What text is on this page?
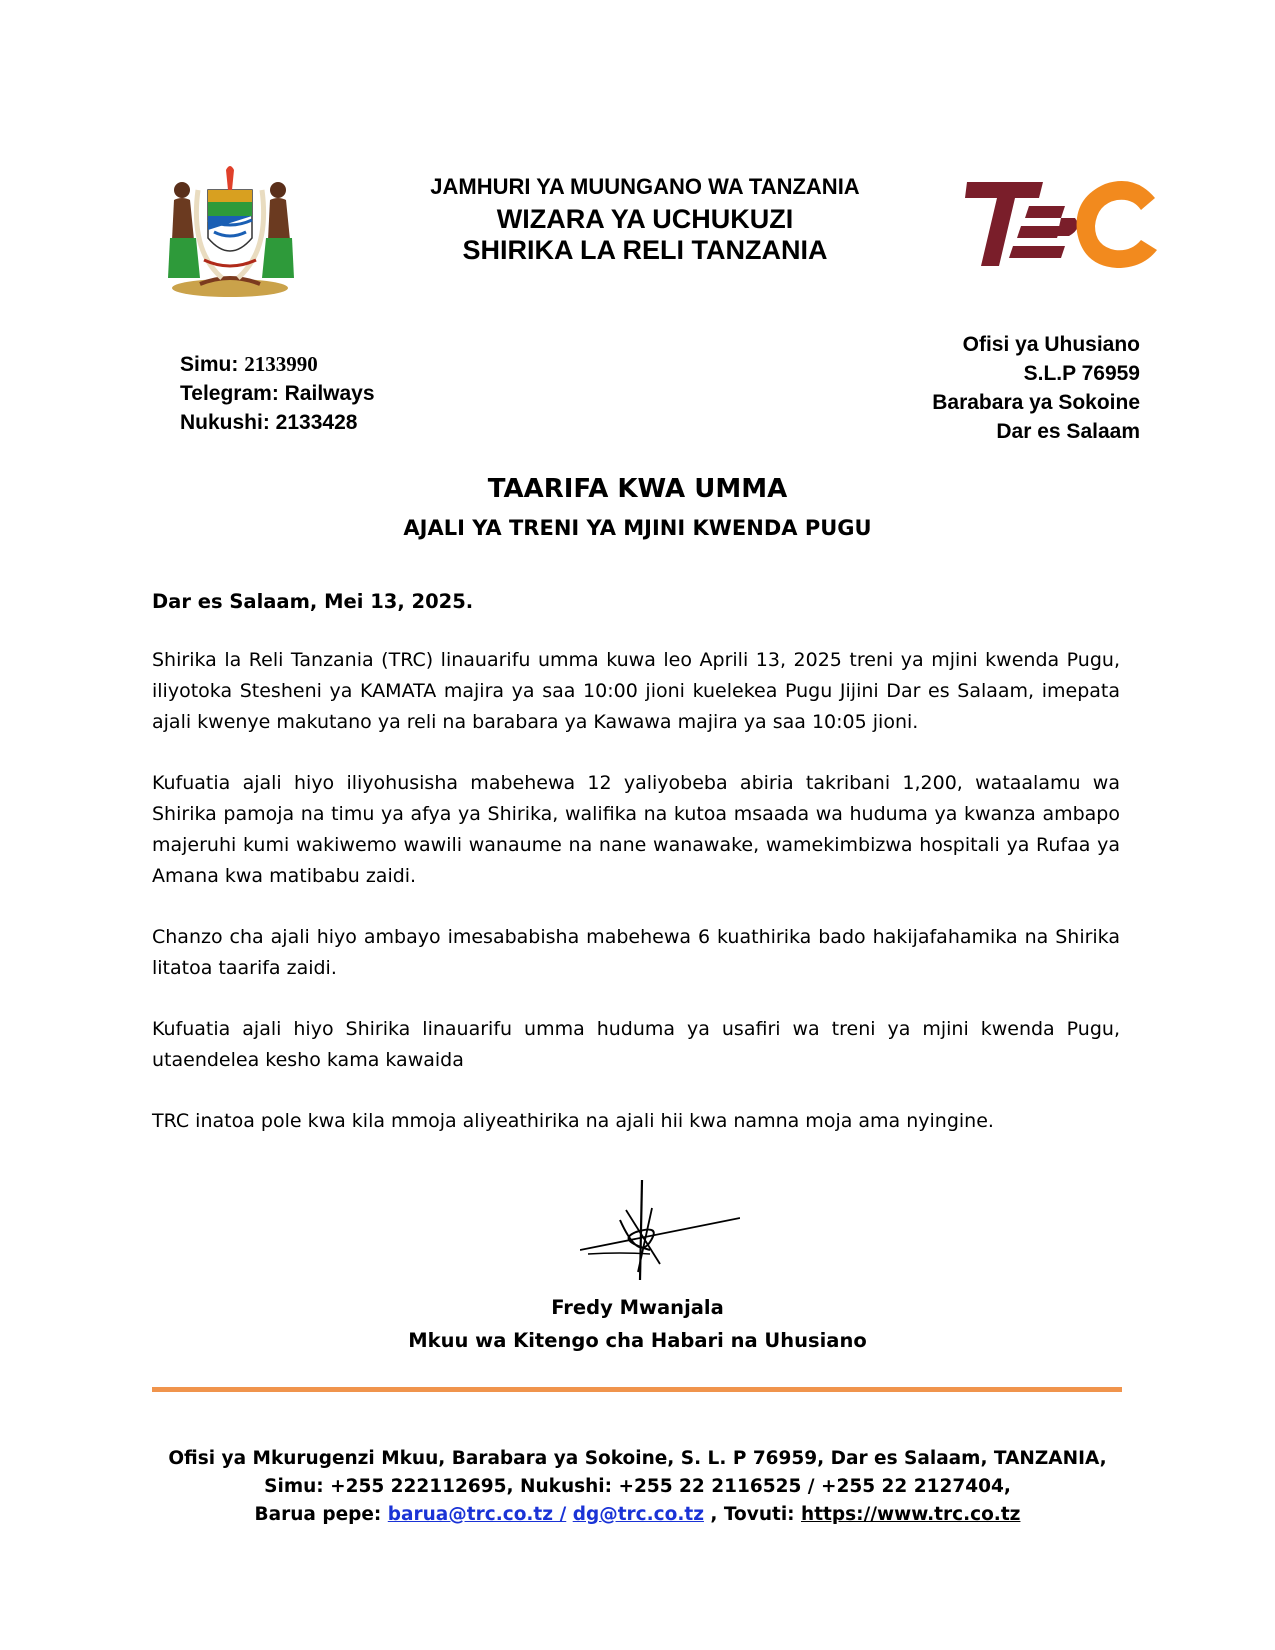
JAMHURI YA MUUNGANO WA TANZANIA
WIZARA YA UCHUKUZI
SHIRIKA LA RELI TANZANIA
Simu: 2133990
Telegram: Railways
Nukushi: 2133428
Ofisi ya Uhusiano
S.L.P 76959
Barabara ya Sokoine
Dar es Salaam
TAARIFA KWA UMMA
AJALI YA TRENI YA MJINI KWENDA PUGU
Dar es Salaam, Mei 13, 2025.
Shirika la Reli Tanzania (TRC) linauarifu umma kuwa leo Aprili 13, 2025 treni ya mjini kwenda Pugu, iliyotoka Stesheni ya KAMATA majira ya saa 10:00 jioni kuelekea Pugu Jijini Dar es Salaam, imepata ajali kwenye makutano ya reli na barabara ya Kawawa majira ya saa 10:05 jioni.
Kufuatia ajali hiyo iliyohusisha mabehewa 12 yaliyobeba abiria takribani 1,200, wataalamu wa Shirika pamoja na timu ya afya ya Shirika, walifika na kutoa msaada wa huduma ya kwanza ambapo majeruhi kumi wakiwemo wawili wanaume na nane wanawake, wamekimbizwa hospitali ya Rufaa ya Amana kwa matibabu zaidi.
Chanzo cha ajali hiyo ambayo imesababisha mabehewa 6 kuathirika bado hakijafahamika na Shirika litatoa taarifa zaidi.
Kufuatia ajali hiyo Shirika linauarifu umma huduma ya usafiri wa treni ya mjini kwenda Pugu, utaendelea kesho kama kawaida
TRC inatoa pole kwa kila mmoja aliyeathirika na ajali hii kwa namna moja ama nyingine.
Fredy Mwanjala
Mkuu wa Kitengo cha Habari na Uhusiano
Ofisi ya Mkurugenzi Mkuu, Barabara ya Sokoine, S. L. P 76959, Dar es Salaam, TANZANIA,
Simu: +255 222112695, Nukushi: +255 22 2116525 / +255 22 2127404,
Barua pepe: barua@trc.co.tz / dg@trc.co.tz , Tovuti: https://www.trc.co.tz
